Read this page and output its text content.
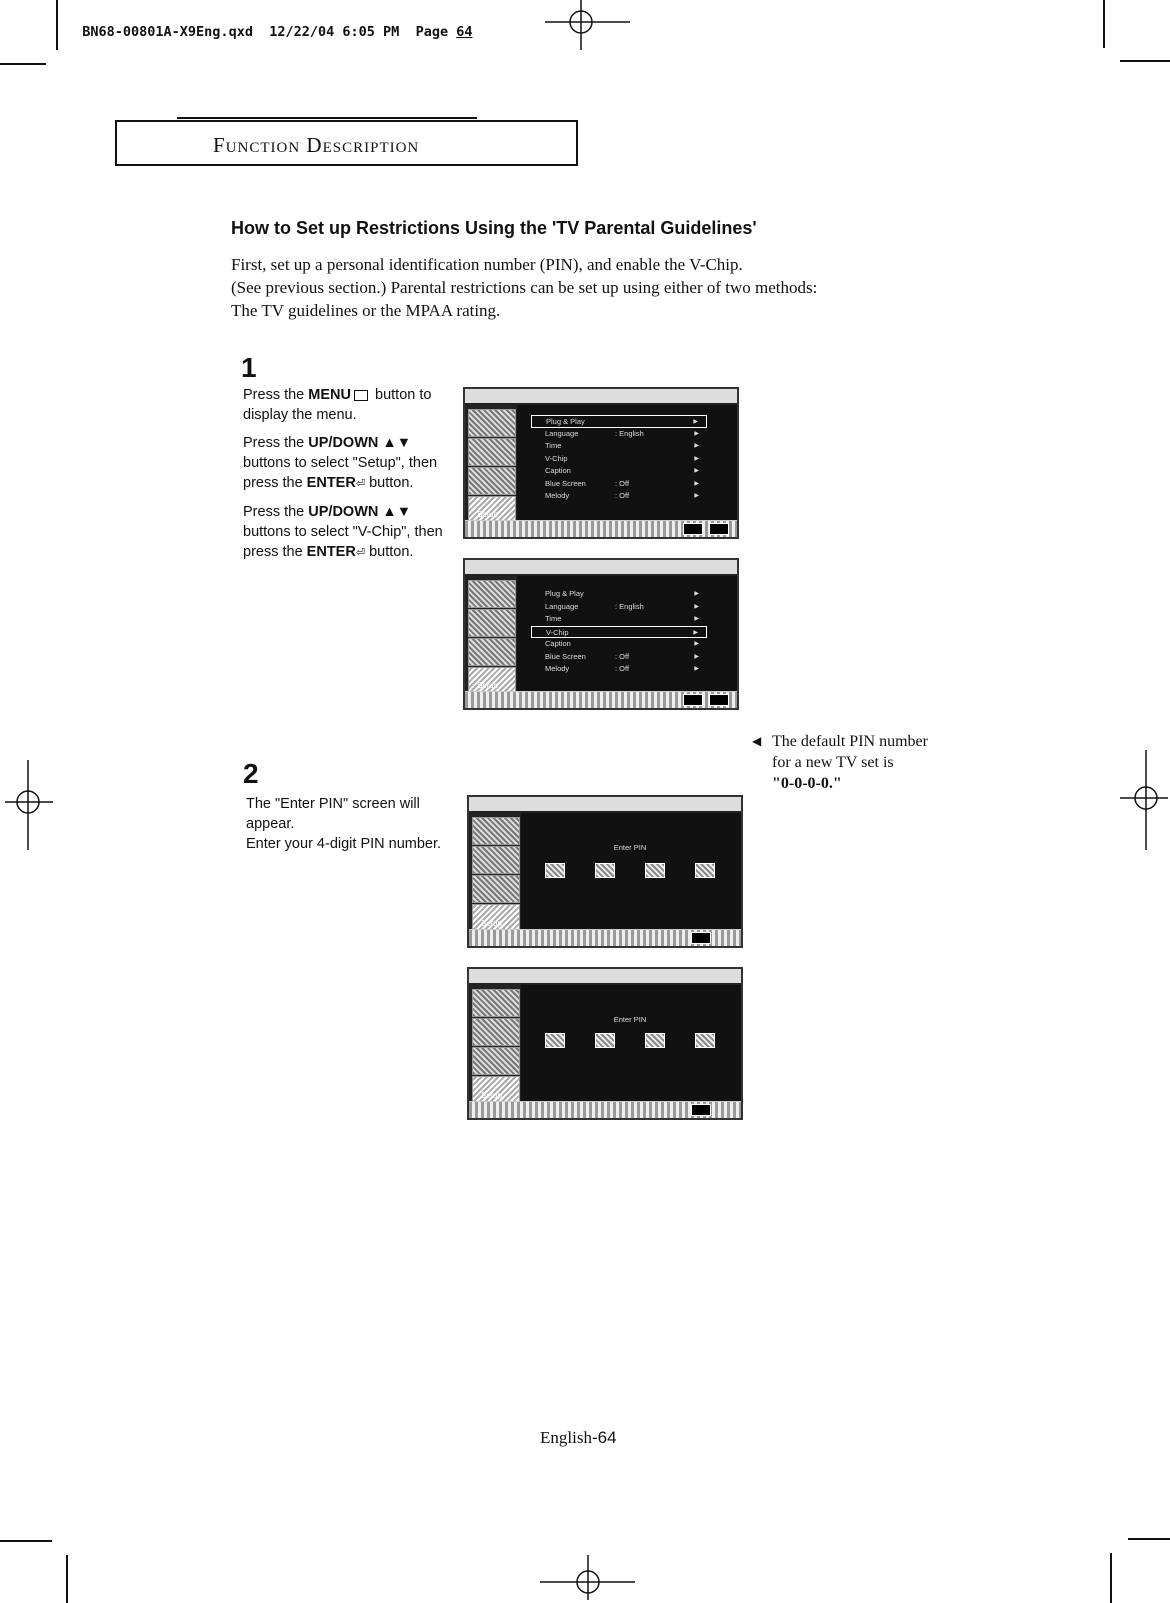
BN68-00801A-X9Eng.qxd 12/22/04 6:05 PM Page 64

Function Description
How to Set up Restrictions Using the 'TV Parental Guidelines'
First, set up a personal identification number (PIN), and enable the V-Chip.
(See previous section.) Parental restrictions can be set up using either of two methods:
The TV guidelines or the MPAA rating.
1

Press the MENU button to display the menu.

Press the UP/DOWN ▲▼ buttons to select "Setup", then press the ENTER⏎ button.

Press the UP/DOWN ▲▼ buttons to select "V-Chip", then press the ENTER⏎ button.

Setup
Plug & Play	▶
Language	: English	▶
Time	▶
V-Chip	▶
Caption	▶
Blue Screen	: Off	▶
Melody	: Off	▶
Setup
Plug & Play	▶
Language	: English	▶
Time	▶
V-Chip	▶
Caption	▶
Blue Screen	: Off	▶
Melody	: Off	▶
2
The "Enter PIN" screen will appear.
Enter your 4-digit PIN number.
Setup
Enter PIN
Setup
Enter PIN
◀ The default PIN number
for a new TV set is
"0-0-0-0."
English-64
